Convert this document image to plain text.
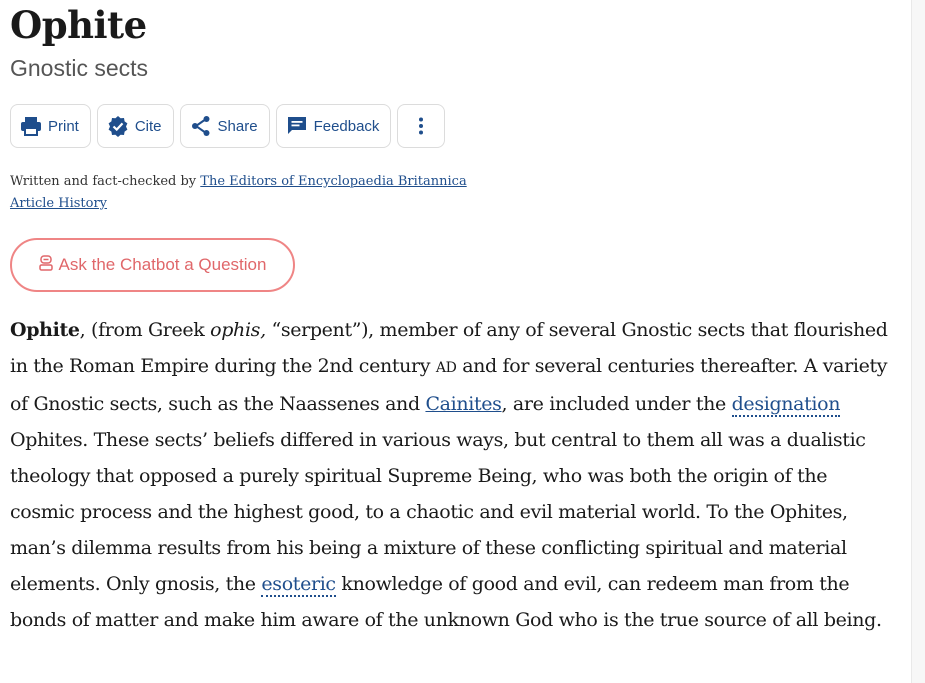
Ophite
Gnostic sects
Print	Cite	Share	Feedback
Written and fact-checked by The Editors of Encyclopaedia Britannica
Article History
Ask the Chatbot a Question

Ophite, (from Greek ophis, “serpent”), member of any of several Gnostic sects that flourished in the Roman Empire during the 2nd century AD and for several centuries thereafter. A variety of Gnostic sects, such as the Naassenes and Cainites, are included under the designation Ophites. These sects’ beliefs differed in various ways, but central to them all was a dualistic theology that opposed a purely spiritual Supreme Being, who was both the origin of the cosmic process and the highest good, to a chaotic and evil material world. To the Ophites, man’s dilemma results from his being a mixture of these conflicting spiritual and material elements. Only gnosis, the esoteric knowledge of good and evil, can redeem man from the bonds of matter and make him aware of the unknown God who is the true source of all being.
